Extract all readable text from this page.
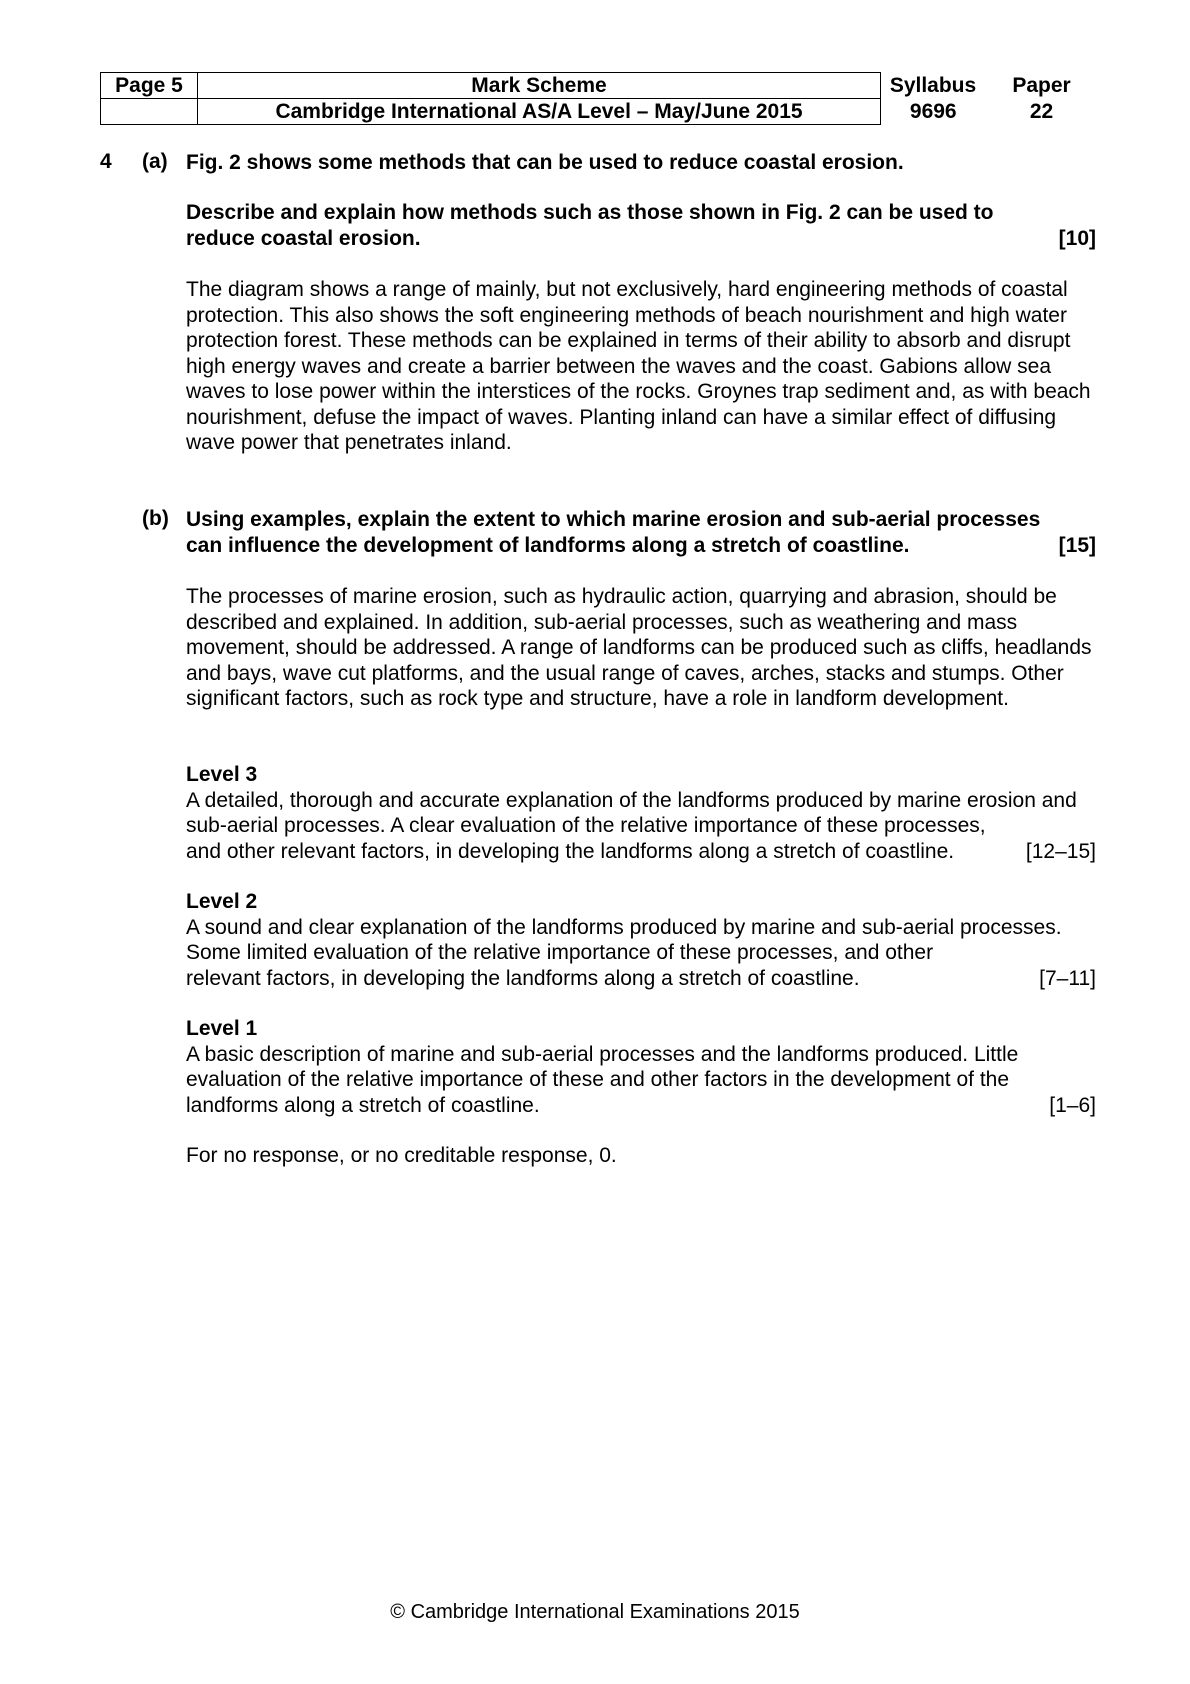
Page 5	Mark Scheme	Syllabus	Paper
	Cambridge International AS/A Level – May/June 2015	9696	22
4 (a) Fig. 2 shows some methods that can be used to reduce coastal erosion.

Describe and explain how methods such as those shown in Fig. 2 can be used to

reduce coastal erosion.	[10]
The diagram shows a range of mainly, but not exclusively, hard engineering methods of coastal protection. This also shows the soft engineering methods of beach nourishment and high water protection forest. These methods can be explained in terms of their ability to absorb and disrupt high energy waves and create a barrier between the waves and the coast. Gabions allow sea waves to lose power within the interstices of the rocks. Groynes trap sediment and, as with beach nourishment, defuse the impact of waves. Planting inland can have a similar effect of diffusing wave power that penetrates inland.
(b) Using examples, explain the extent to which marine erosion and sub-aerial processes

can influence the development of landforms along a stretch of coastline.	[15]
The processes of marine erosion, such as hydraulic action, quarrying and abrasion, should be described and explained. In addition, sub-aerial processes, such as weathering and mass movement, should be addressed. A range of landforms can be produced such as cliffs, headlands and bays, wave cut platforms, and the usual range of caves, arches, stacks and stumps. Other significant factors, such as rock type and structure, have a role in landform development.

Level 3

A detailed, thorough and accurate explanation of the landforms produced by marine erosion and sub-aerial processes. A clear evaluation of the relative importance of these processes,

and other relevant factors, in developing the landforms along a stretch of coastline.	[12–15]

Level 2

A sound and clear explanation of the landforms produced by marine and sub-aerial processes. Some limited evaluation of the relative importance of these processes, and other

relevant factors, in developing the landforms along a stretch of coastline.	[7–11]

Level 1

A basic description of marine and sub-aerial processes and the landforms produced. Little evaluation of the relative importance of these and other factors in the development of the

landforms along a stretch of coastline.	[1–6]
For no response, or no creditable response, 0.
© Cambridge International Examinations 2015
